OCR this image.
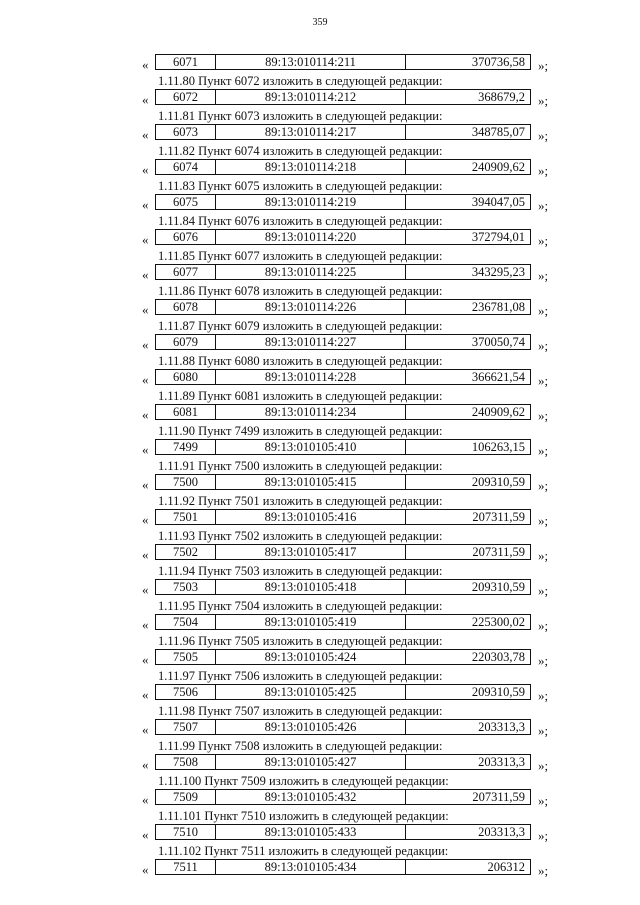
359
«	6071	89:13:010114:211	370736,58	»;
1.11.80 Пункт 6072 изложить в следующей редакции:
«	6072	89:13:010114:212	368679,2	»;
1.11.81 Пункт 6073 изложить в следующей редакции:
«	6073	89:13:010114:217	348785,07	»;
1.11.82 Пункт 6074 изложить в следующей редакции:
«	6074	89:13:010114:218	240909,62	»;
1.11.83 Пункт 6075 изложить в следующей редакции:
«	6075	89:13:010114:219	394047,05	»;
1.11.84 Пункт 6076 изложить в следующей редакции:
«	6076	89:13:010114:220	372794,01	»;
1.11.85 Пункт 6077 изложить в следующей редакции:
«	6077	89:13:010114:225	343295,23	»;
1.11.86 Пункт 6078 изложить в следующей редакции:
«	6078	89:13:010114:226	236781,08	»;
1.11.87 Пункт 6079 изложить в следующей редакции:
«	6079	89:13:010114:227	370050,74	»;
1.11.88 Пункт 6080 изложить в следующей редакции:
«	6080	89:13:010114:228	366621,54	»;
1.11.89 Пункт 6081 изложить в следующей редакции:
«	6081	89:13:010114:234	240909,62	»;
1.11.90 Пункт 7499 изложить в следующей редакции:
«	7499	89:13:010105:410	106263,15	»;
1.11.91 Пункт 7500 изложить в следующей редакции:
«	7500	89:13:010105:415	209310,59	»;
1.11.92 Пункт 7501 изложить в следующей редакции:
«	7501	89:13:010105:416	207311,59	»;
1.11.93 Пункт 7502 изложить в следующей редакции:
«	7502	89:13:010105:417	207311,59	»;
1.11.94 Пункт 7503 изложить в следующей редакции:
«	7503	89:13:010105:418	209310,59	»;
1.11.95 Пункт 7504 изложить в следующей редакции:
«	7504	89:13:010105:419	225300,02	»;
1.11.96 Пункт 7505 изложить в следующей редакции:
«	7505	89:13:010105:424	220303,78	»;
1.11.97 Пункт 7506 изложить в следующей редакции:
«	7506	89:13:010105:425	209310,59	»;
1.11.98 Пункт 7507 изложить в следующей редакции:
«	7507	89:13:010105:426	203313,3	»;
1.11.99 Пункт 7508 изложить в следующей редакции:
«	7508	89:13:010105:427	203313,3	»;
1.11.100 Пункт 7509 изложить в следующей редакции:
«	7509	89:13:010105:432	207311,59	»;
1.11.101 Пункт 7510 изложить в следующей редакции:
«	7510	89:13:010105:433	203313,3	»;
1.11.102 Пункт 7511 изложить в следующей редакции:
«	7511	89:13:010105:434	206312	»;
